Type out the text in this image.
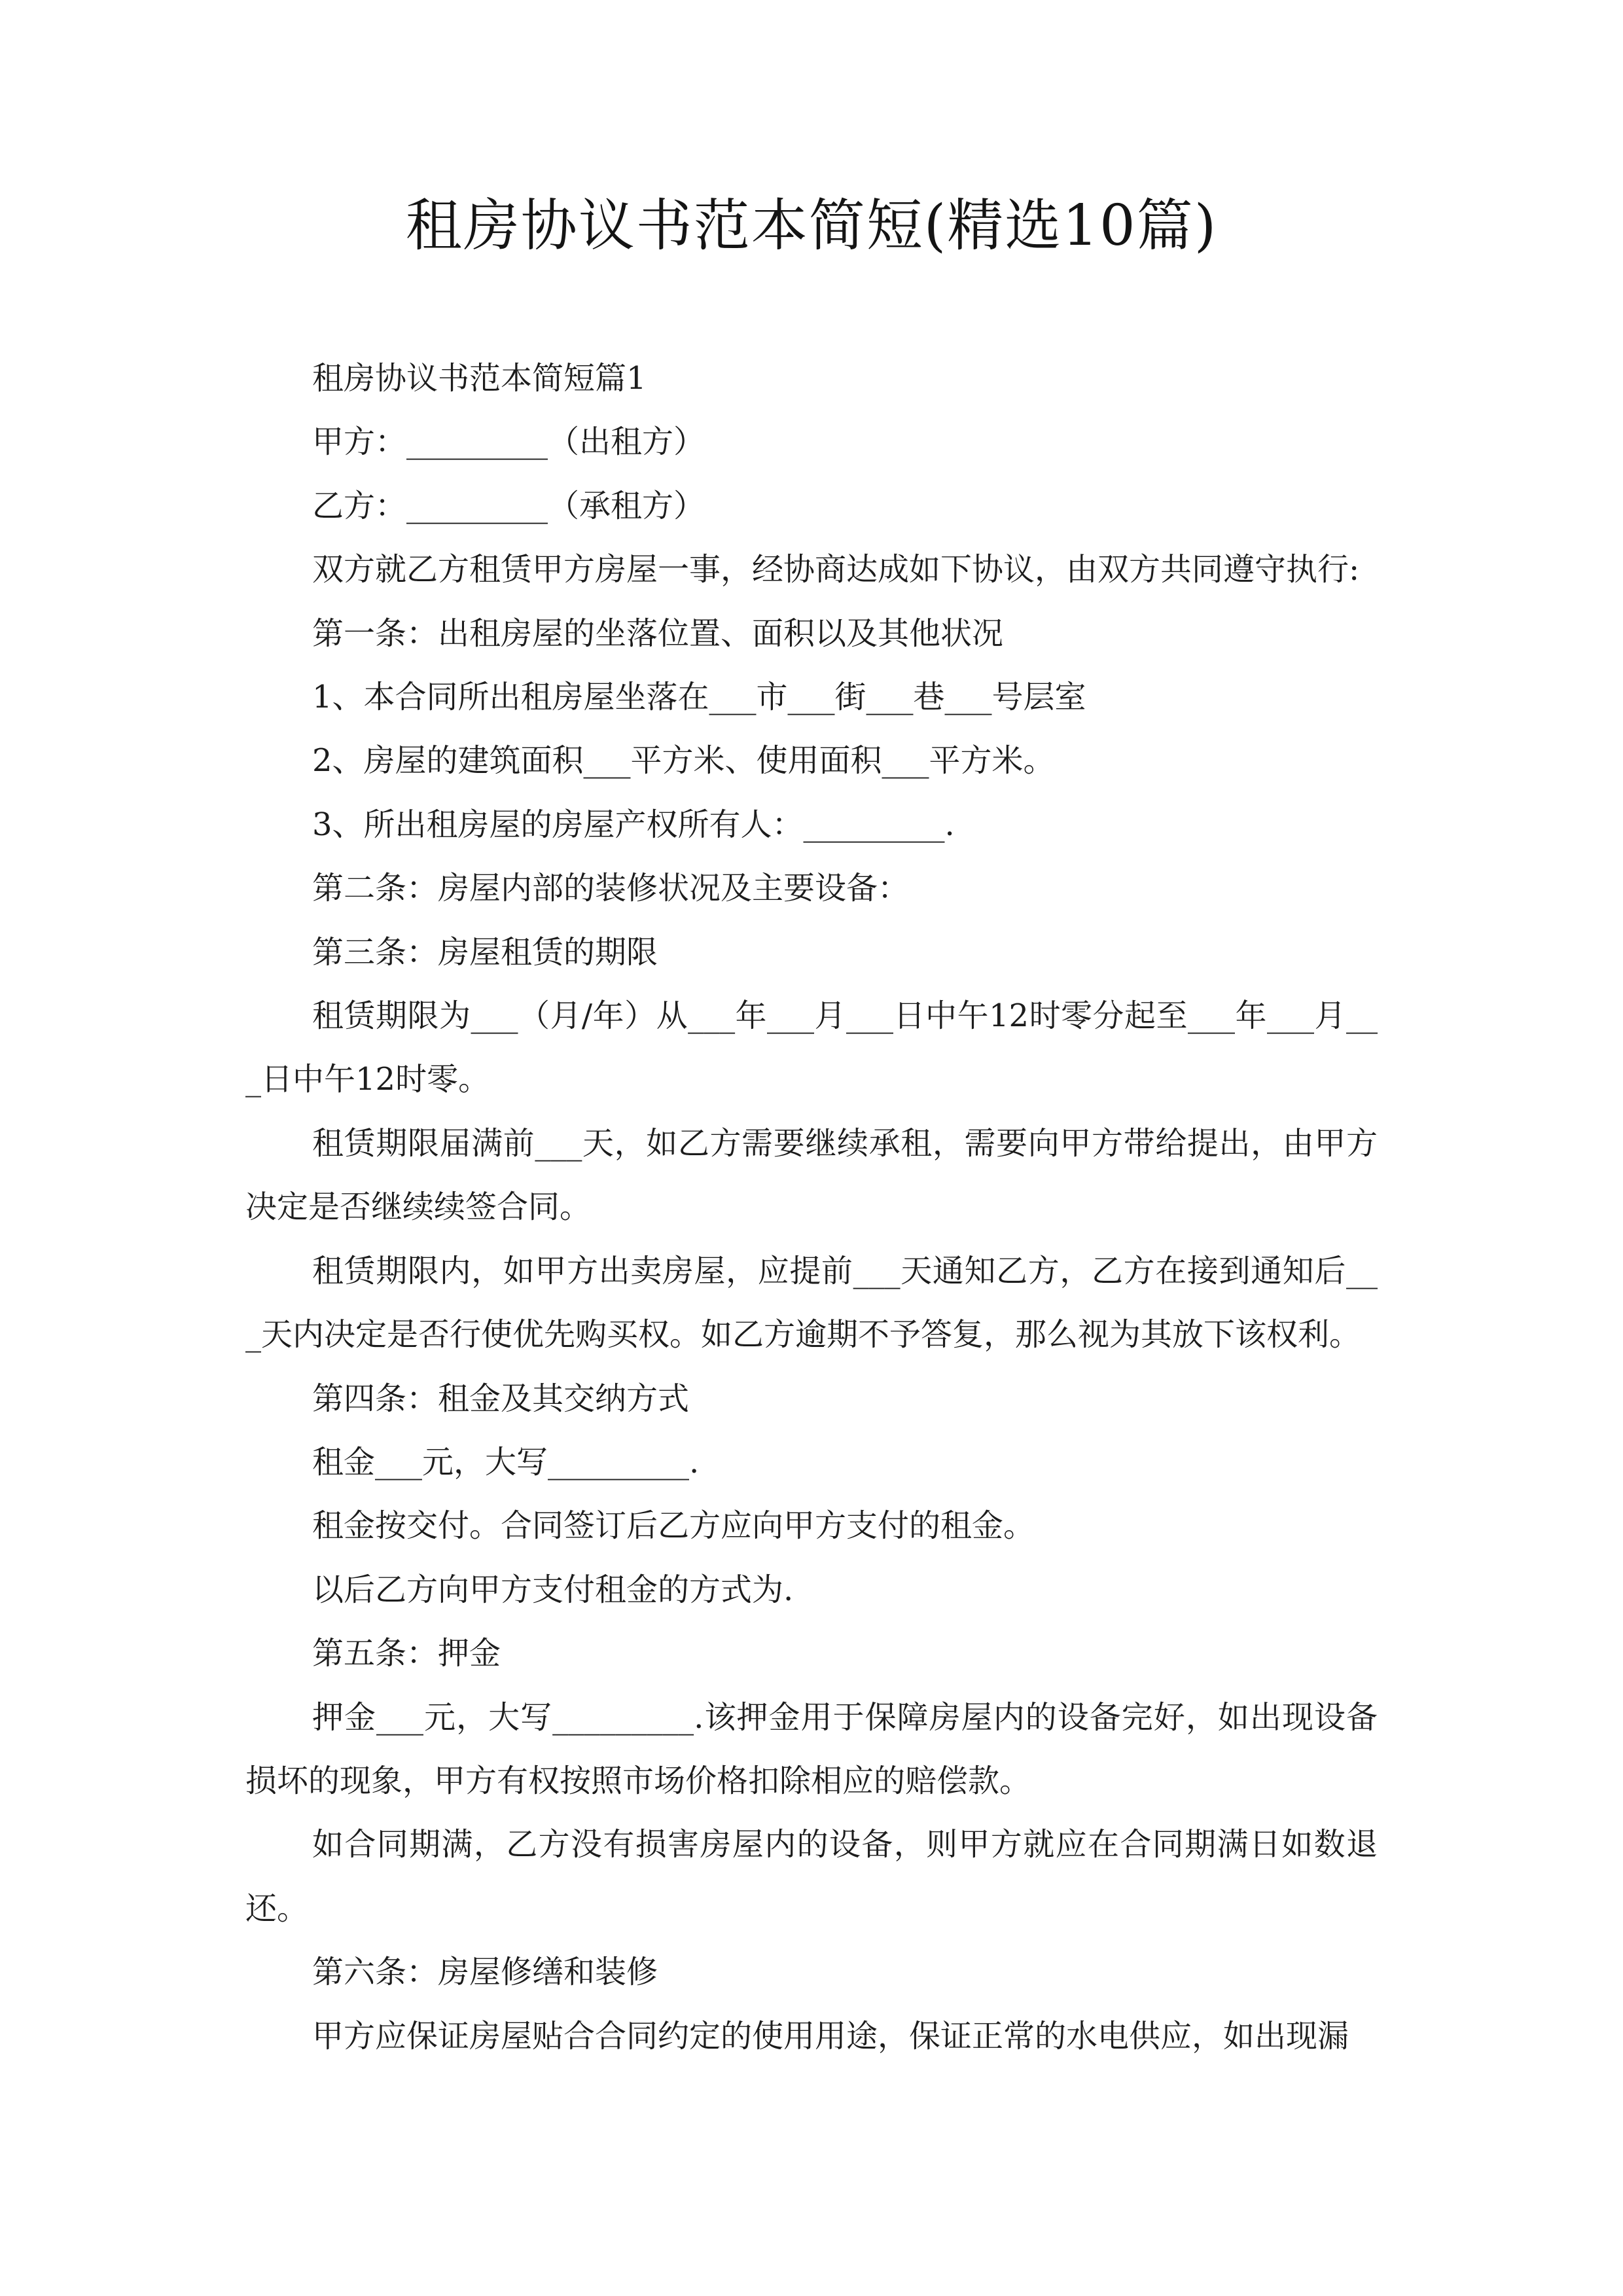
租房协议书范本简短(精选10篇)

租房协议书范本简短篇1

甲方：_________（出租方）

乙方：_________（承租方）

双方就乙方租赁甲方房屋一事，经协商达成如下协议，由双方共同遵守执行:

第一条：出租房屋的坐落位置、面积以及其他状况

1、本合同所出租房屋坐落在___市___街___巷___号层室

2、房屋的建筑面积___平方米、使用面积___平方米。

3、所出租房屋的房屋产权所有人：_________.

第二条：房屋内部的装修状况及主要设备：

第三条：房屋租赁的期限

租赁期限为___（月/年）从___年___月___日中午12时零分起至___年___月___日中午12时零。

租赁期限届满前___天，如乙方需要继续承租，需要向甲方带给提出，由甲方决定是否继续续签合同。

租赁期限内，如甲方出卖房屋，应提前___天通知乙方，乙方在接到通知后___天内决定是否行使优先购买权。如乙方逾期不予答复，那么视为其放下该权利。

第四条：租金及其交纳方式

租金___元，大写_________.

租金按交付。合同签订后乙方应向甲方支付的租金。

以后乙方向甲方支付租金的方式为.

第五条：押金

押金___元，大写_________.该押金用于保障房屋内的设备完好，如出现设备损坏的现象，甲方有权按照市场价格扣除相应的赔偿款。

如合同期满，乙方没有损害房屋内的设备，则甲方就应在合同期满日如数退还。

第六条：房屋修缮和装修

甲方应保证房屋贴合合同约定的使用用途，保证正常的水电供应，如出现漏
